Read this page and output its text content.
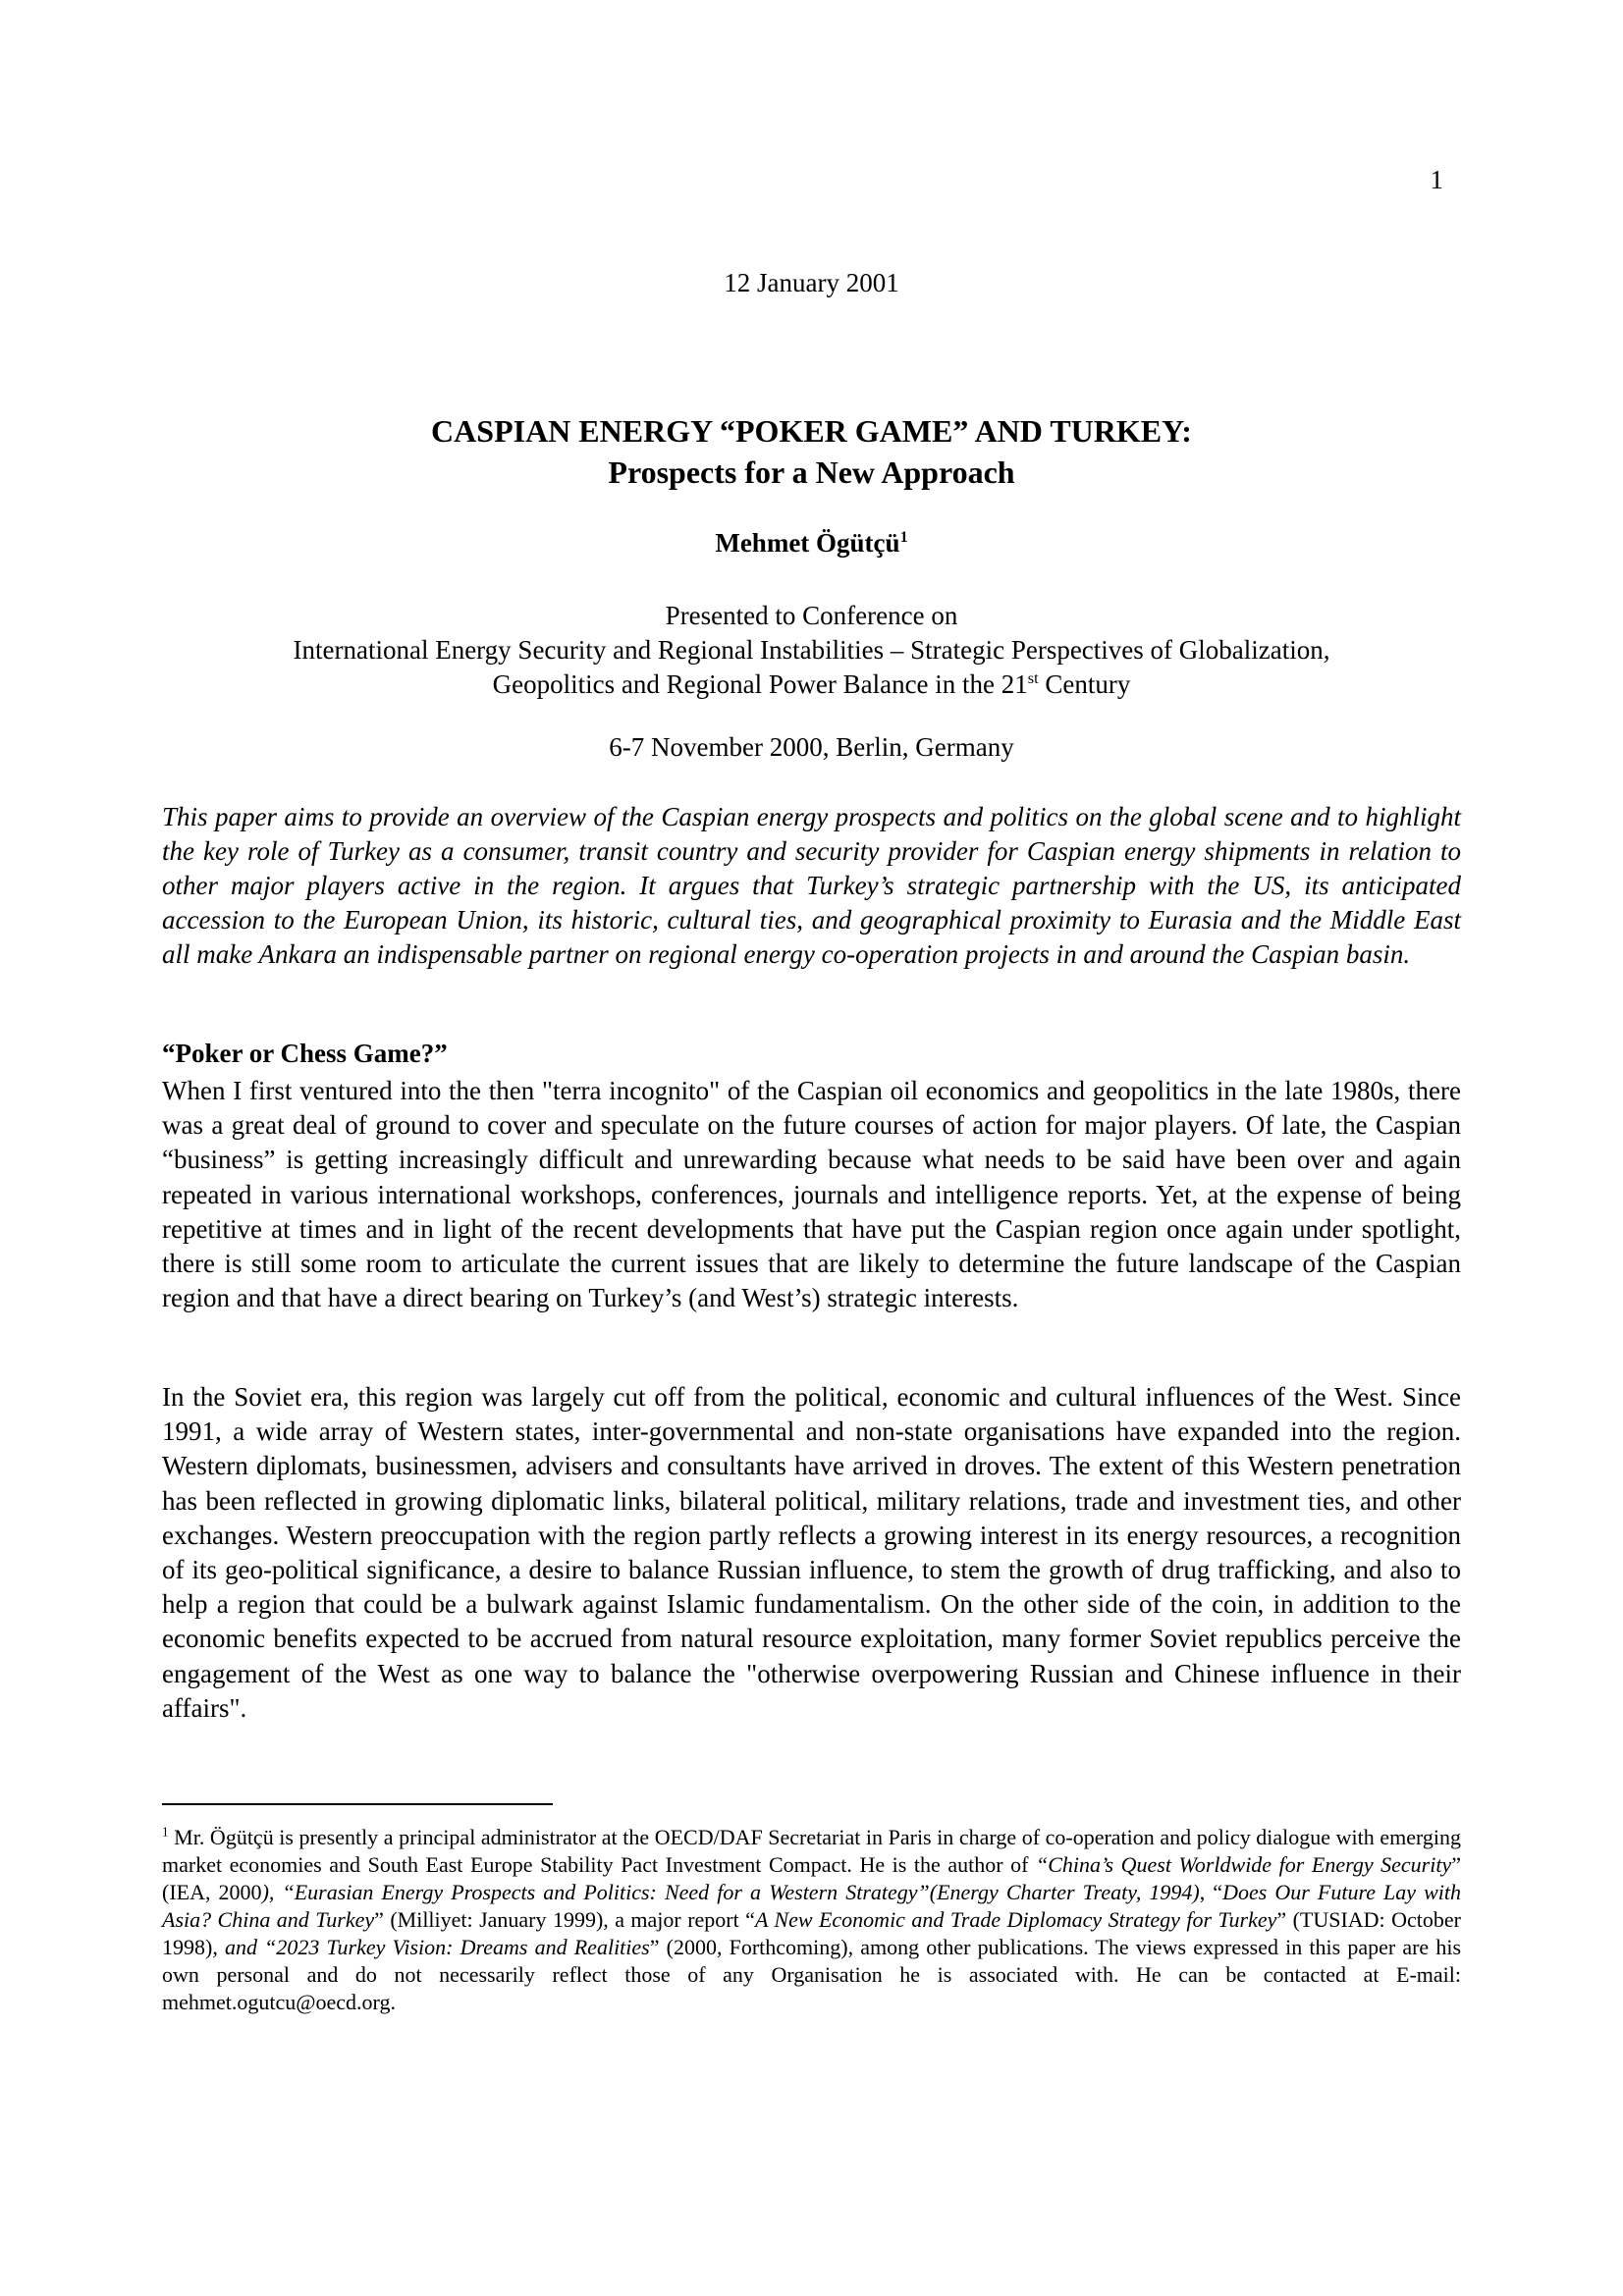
1
12 January 2001
CASPIAN ENERGY “POKER GAME” AND TURKEY:
Prospects for a New Approach
Mehmet Ögütçü$^1$
Presented to Conference on
International Energy Security and Regional Instabilities – Strategic Perspectives of Globalization,
Geopolitics and Regional Power Balance in the 21st Century
6-7 November 2000, Berlin, Germany
This paper aims to provide an overview of the Caspian energy prospects and politics on the global scene and to highlight the key role of Turkey as a consumer, transit country and security provider for Caspian energy shipments in relation to other major players active in the region. It argues that Turkey’s strategic partnership with the US, its anticipated accession to the European Union, its historic, cultural ties, and geographical proximity to Eurasia and the Middle East all make Ankara an indispensable partner on regional energy co-operation projects in and around the Caspian basin.
“Poker or Chess Game?”
When I first ventured into the then "terra incognito" of the Caspian oil economics and geopolitics in the late 1980s, there was a great deal of ground to cover and speculate on the future courses of action for major players. Of late, the Caspian “business” is getting increasingly difficult and unrewarding because what needs to be said have been over and again repeated in various international workshops, conferences, journals and intelligence reports. Yet, at the expense of being repetitive at times and in light of the recent developments that have put the Caspian region once again under spotlight, there is still some room to articulate the current issues that are likely to determine the future landscape of the Caspian region and that have a direct bearing on Turkey’s (and West’s) strategic interests.
In the Soviet era, this region was largely cut off from the political, economic and cultural influences of the West. Since 1991, a wide array of Western states, inter-governmental and non-state organisations have expanded into the region. Western diplomats, businessmen, advisers and consultants have arrived in droves. The extent of this Western penetration has been reflected in growing diplomatic links, bilateral political, military relations, trade and investment ties, and other exchanges. Western preoccupation with the region partly reflects a growing interest in its energy resources, a recognition of its geo-political significance, a desire to balance Russian influence, to stem the growth of drug trafficking, and also to help a region that could be a bulwark against Islamic fundamentalism. On the other side of the coin, in addition to the economic benefits expected to be accrued from natural resource exploitation, many former Soviet republics perceive the engagement of the West as one way to balance the "otherwise overpowering Russian and Chinese influence in their affairs".
$^1$ Mr. Ögütçü is presently a principal administrator at the OECD/DAF Secretariat in Paris in charge of co-operation and policy dialogue with emerging market economies and South East Europe Stability Pact Investment Compact. He is the author of “China’s Quest Worldwide for Energy Security” (IEA, 2000), “Eurasian Energy Prospects and Politics: Need for a Western Strategy”(Energy Charter Treaty, 1994), “Does Our Future Lay with Asia? China and Turkey” (Milliyet: January 1999), a major report “A New Economic and Trade Diplomacy Strategy for Turkey” (TUSIAD: October 1998), and “2023 Turkey Vision: Dreams and Realities” (2000, Forthcoming), among other publications. The views expressed in this paper are his own personal and do not necessarily reflect those of any Organisation he is associated with. He can be contacted at E-mail: mehmet.ogutcu@oecd.org.
